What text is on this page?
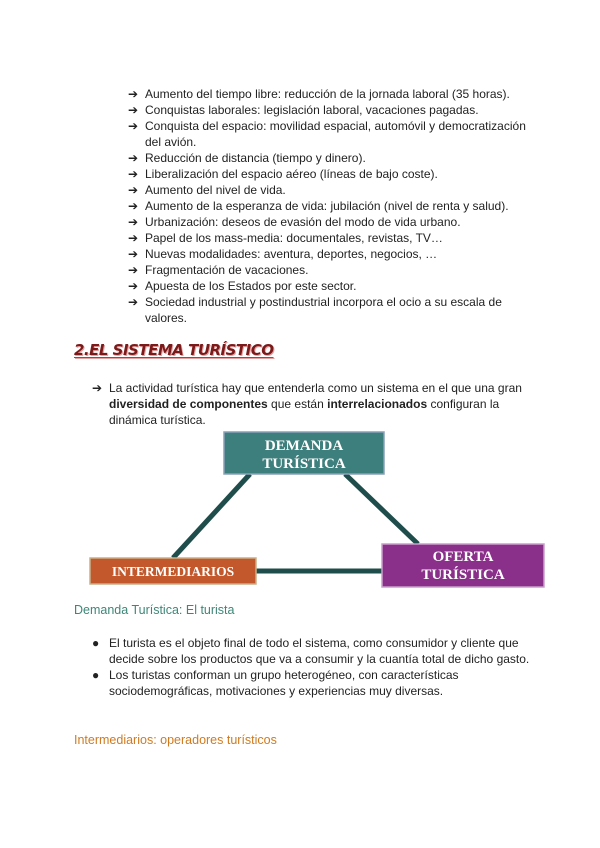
➔ Aumento del tiempo libre: reducción de la jornada laboral (35 horas).
➔ Conquistas laborales: legislación laboral, vacaciones pagadas.
➔ Conquista del espacio: movilidad espacial, automóvil y democratización del avión.
➔ Reducción de distancia (tiempo y dinero).
➔ Liberalización del espacio aéreo (líneas de bajo coste).
➔ Aumento del nivel de vida.
➔ Aumento de la esperanza de vida: jubilación (nivel de renta y salud).
➔ Urbanización: deseos de evasión del modo de vida urbano.
➔ Papel de los mass-media: documentales, revistas, TV…
➔ Nuevas modalidades: aventura, deportes, negocios, …
➔ Fragmentación de vacaciones.
➔ Apuesta de los Estados por este sector.
➔ Sociedad industrial y postindustrial incorpora el ocio a su escala de valores.
2.EL SISTEMA TURÍSTICO
➔ La actividad turística hay que entenderla como un sistema en el que una gran diversidad de componentes que están interrelacionados configuran la dinámica turística.
DEMANDA
TURÍSTICA
INTERMEDIARIOS
OFERTA
TURÍSTICA
Demanda Turística: El turista
● El turista es el objeto final de todo el sistema, como consumidor y cliente que decide sobre los productos que va a consumir y la cuantía total de dicho gasto.
● Los turistas conforman un grupo heterogéneo, con características sociodemográficas, motivaciones y experiencias muy diversas.
Intermediarios: operadores turísticos
